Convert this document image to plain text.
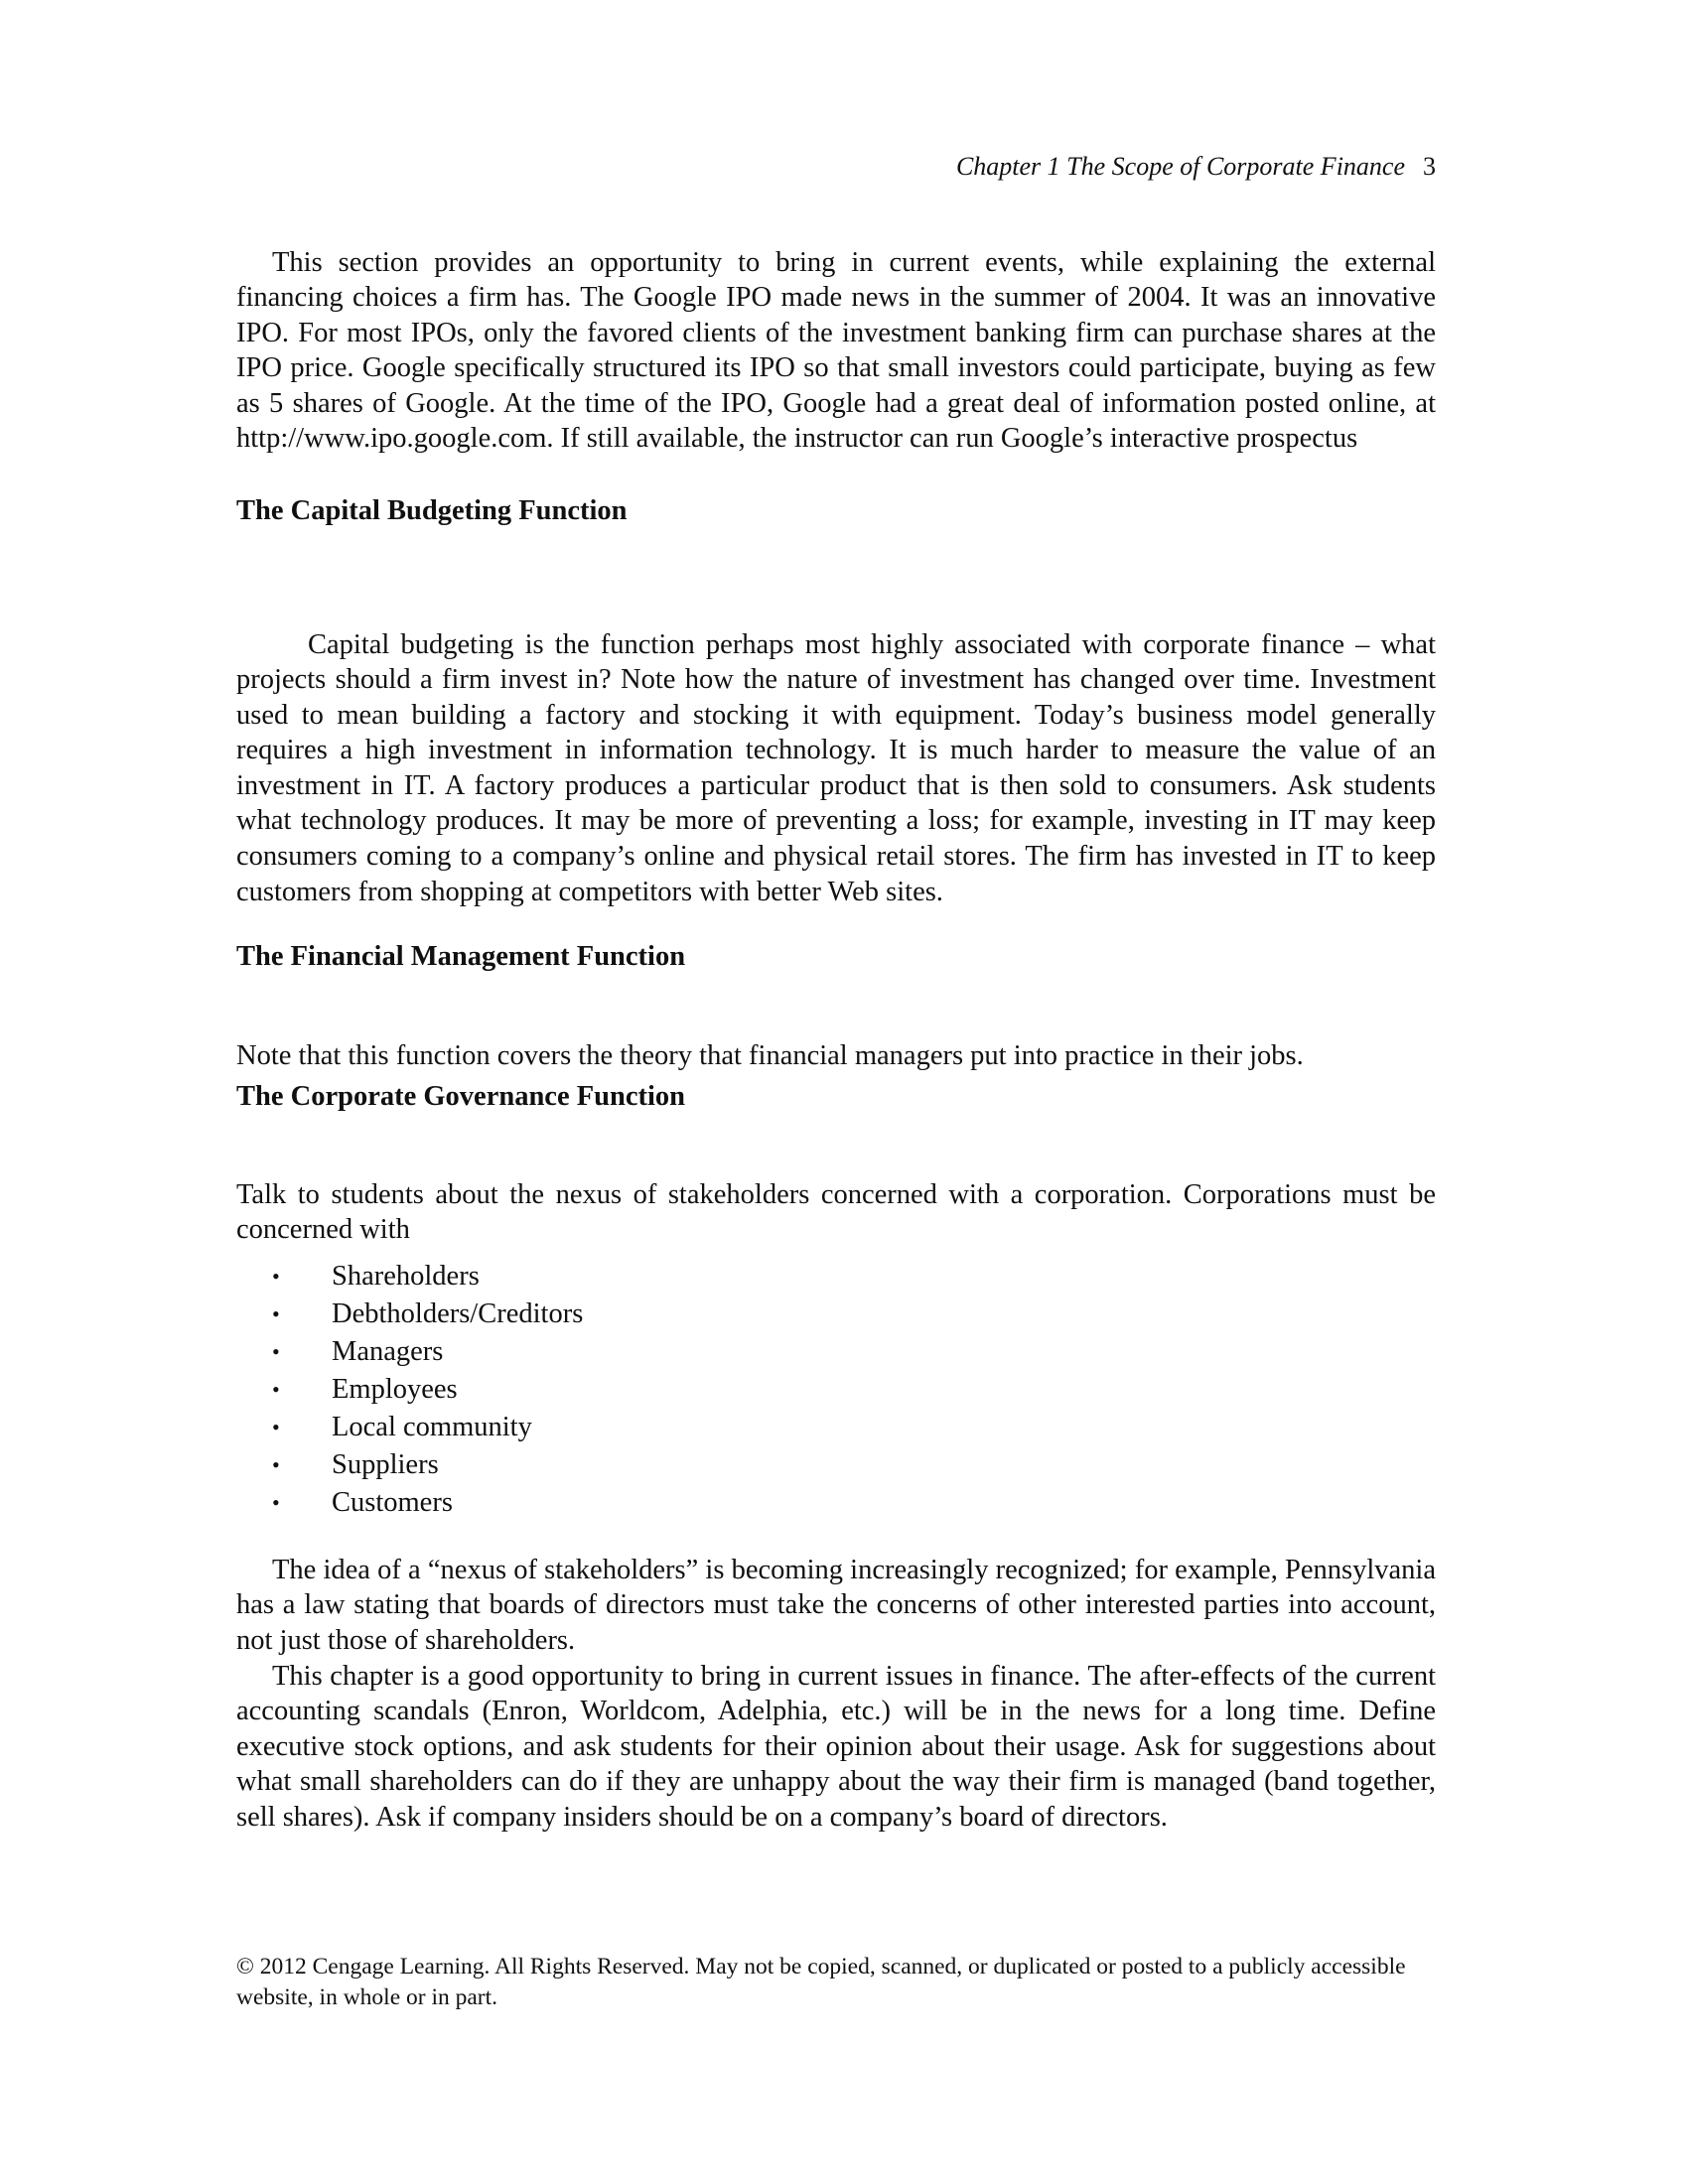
Chapter 1 The Scope of Corporate Finance 3

This section provides an opportunity to bring in current events, while explaining the external financing choices a firm has. The Google IPO made news in the summer of 2004. It was an innovative IPO. For most IPOs, only the favored clients of the investment banking firm can purchase shares at the IPO price. Google specifically structured its IPO so that small investors could participate, buying as few as 5 shares of Google. At the time of the IPO, Google had a great deal of information posted online, at http://www.ipo.google.com. If still available, the instructor can run Google’s interactive prospectus

The Capital Budgeting Function

Capital budgeting is the function perhaps most highly associated with corporate finance – what projects should a firm invest in? Note how the nature of investment has changed over time. Investment used to mean building a factory and stocking it with equipment. Today’s business model generally requires a high investment in information technology. It is much harder to measure the value of an investment in IT. A factory produces a particular product that is then sold to consumers. Ask students what technology produces. It may be more of preventing a loss; for example, investing in IT may keep consumers coming to a company’s online and physical retail stores. The firm has invested in IT to keep customers from shopping at competitors with better Web sites.

The Financial Management Function

Note that this function covers the theory that financial managers put into practice in their jobs.

The Corporate Governance Function

Talk to students about the nexus of stakeholders concerned with a corporation. Corporations must be concerned with

• Shareholders
• Debtholders/Creditors
• Managers
• Employees
• Local community
• Suppliers
• Customers

The idea of a “nexus of stakeholders” is becoming increasingly recognized; for example, Pennsylvania has a law stating that boards of directors must take the concerns of other interested parties into account, not just those of shareholders.

This chapter is a good opportunity to bring in current issues in finance. The after-effects of the current accounting scandals (Enron, Worldcom, Adelphia, etc.) will be in the news for a long time. Define executive stock options, and ask students for their opinion about their usage. Ask for suggestions about what small shareholders can do if they are unhappy about the way their firm is managed (band together, sell shares). Ask if company insiders should be on a company’s board of directors.

© 2012 Cengage Learning. All Rights Reserved. May not be copied, scanned, or duplicated or posted to a publicly accessible website, in whole or in part.
